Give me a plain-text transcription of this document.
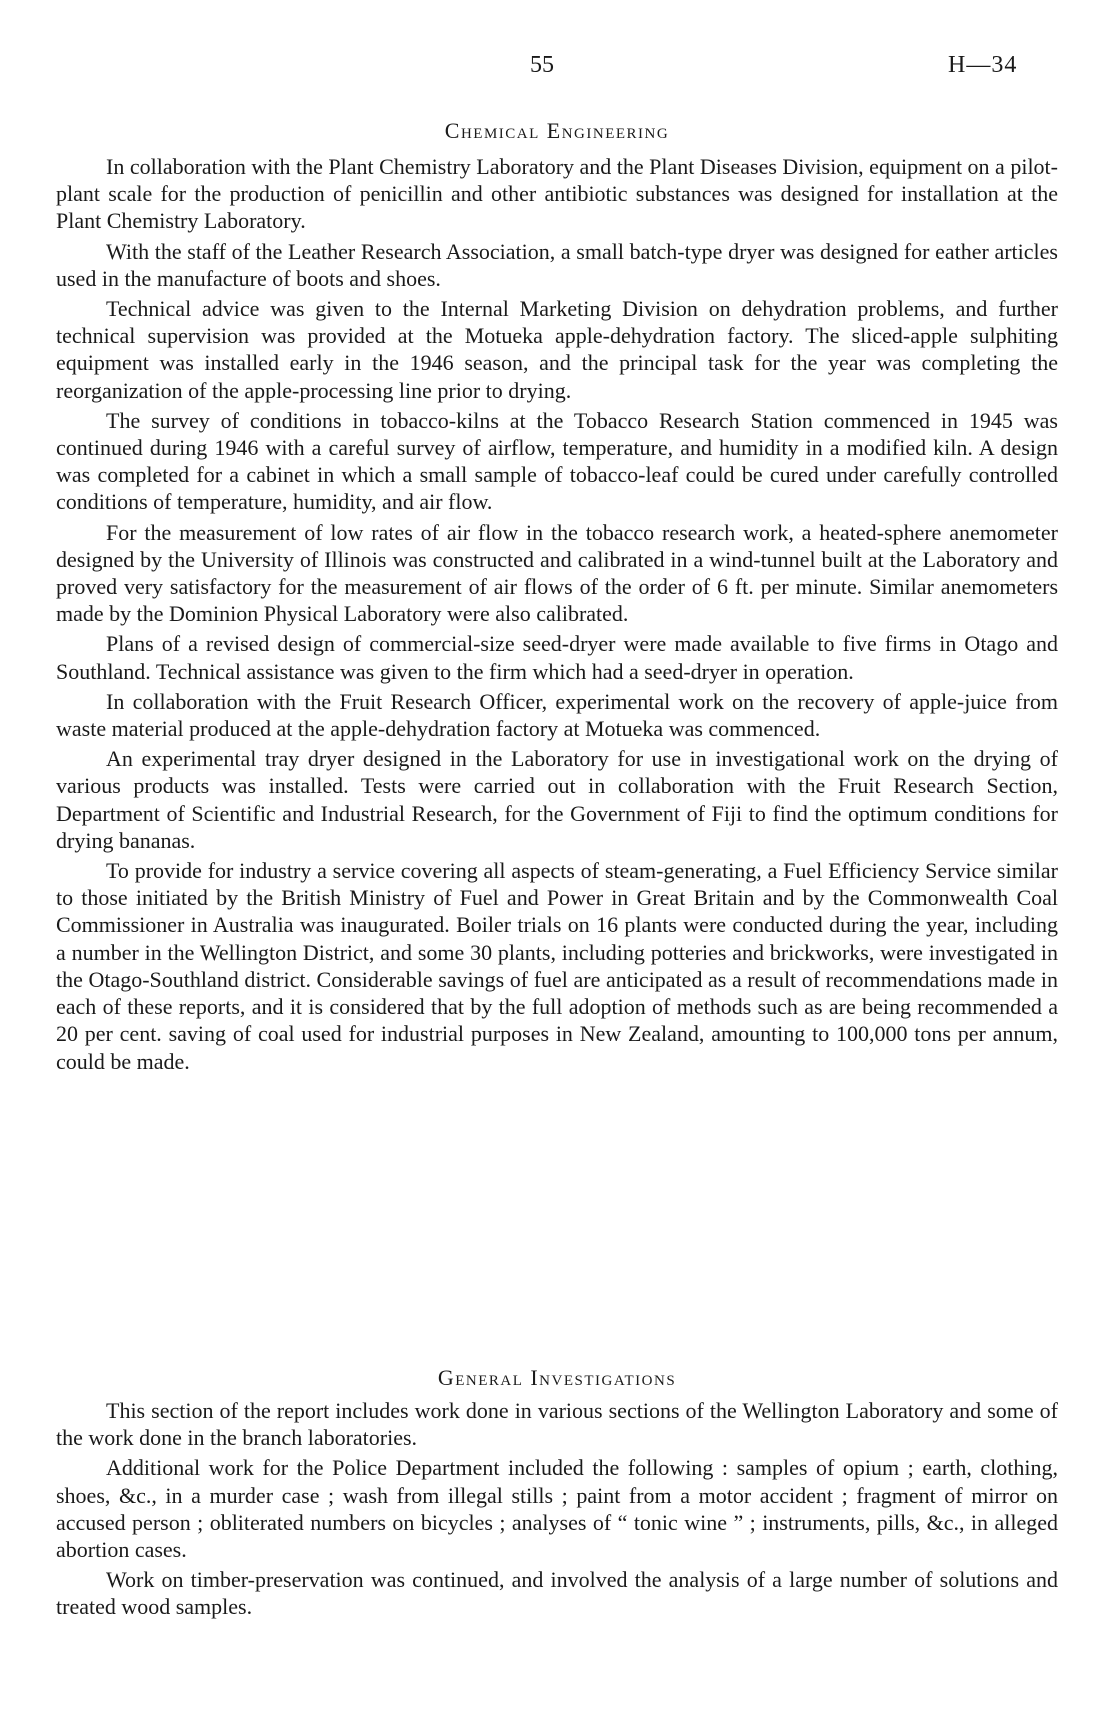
55	H—34
Chemical Engineering

In collaboration with the Plant Chemistry Laboratory and the Plant Diseases Division, equipment on a pilot-plant scale for the production of penicillin and other antibiotic substances was designed for installation at the Plant Chemistry Laboratory.

With the staff of the Leather Research Association, a small batch-type dryer was designed for eather articles used in the manufacture of boots and shoes.

Technical advice was given to the Internal Marketing Division on dehydration problems, and further technical supervision was provided at the Motueka apple-dehydration factory. The sliced-apple sulphiting equipment was installed early in the 1946 season, and the principal task for the year was completing the reorganization of the apple-processing line prior to drying.

The survey of conditions in tobacco-kilns at the Tobacco Research Station commenced in 1945 was continued during 1946 with a careful survey of airflow, temperature, and humidity in a modified kiln. A design was completed for a cabinet in which a small sample of tobacco-leaf could be cured under carefully controlled conditions of temperature, humidity, and air flow.

For the measurement of low rates of air flow in the tobacco research work, a heated-sphere anemometer designed by the University of Illinois was constructed and calibrated in a wind-tunnel built at the Laboratory and proved very satisfactory for the measurement of air flows of the order of 6 ft. per minute. Similar anemometers made by the Dominion Physical Laboratory were also calibrated.

Plans of a revised design of commercial-size seed-dryer were made available to five firms in Otago and Southland. Technical assistance was given to the firm which had a seed-dryer in operation.

In collaboration with the Fruit Research Officer, experimental work on the recovery of apple-juice from waste material produced at the apple-dehydration factory at Motueka was commenced.

An experimental tray dryer designed in the Laboratory for use in investigational work on the drying of various products was installed. Tests were carried out in collaboration with the Fruit Research Section, Department of Scientific and Industrial Research, for the Government of Fiji to find the optimum conditions for drying bananas.

To provide for industry a service covering all aspects of steam-generating, a Fuel Efficiency Service similar to those initiated by the British Ministry of Fuel and Power in Great Britain and by the Commonwealth Coal Commissioner in Australia was inaugurated. Boiler trials on 16 plants were conducted during the year, including a number in the Wellington District, and some 30 plants, including potteries and brickworks, were investigated in the Otago-Southland district. Considerable savings of fuel are anticipated as a result of recommendations made in each of these reports, and it is considered that by the full adoption of methods such as are being recommended a 20 per cent. saving of coal used for industrial purposes in New Zealand, amounting to 100,000 tons per annum, could be made.

General Investigations

This section of the report includes work done in various sections of the Wellington Laboratory and some of the work done in the branch laboratories.

Additional work for the Police Department included the following : samples of opium ; earth, clothing, shoes, &c., in a murder case ; wash from illegal stills ; paint from a motor accident ; fragment of mirror on accused person ; obliterated numbers on bicycles ; analyses of “ tonic wine ” ; instruments, pills, &c., in alleged abortion cases.

Work on timber-preservation was continued, and involved the analysis of a large number of solutions and treated wood samples.
